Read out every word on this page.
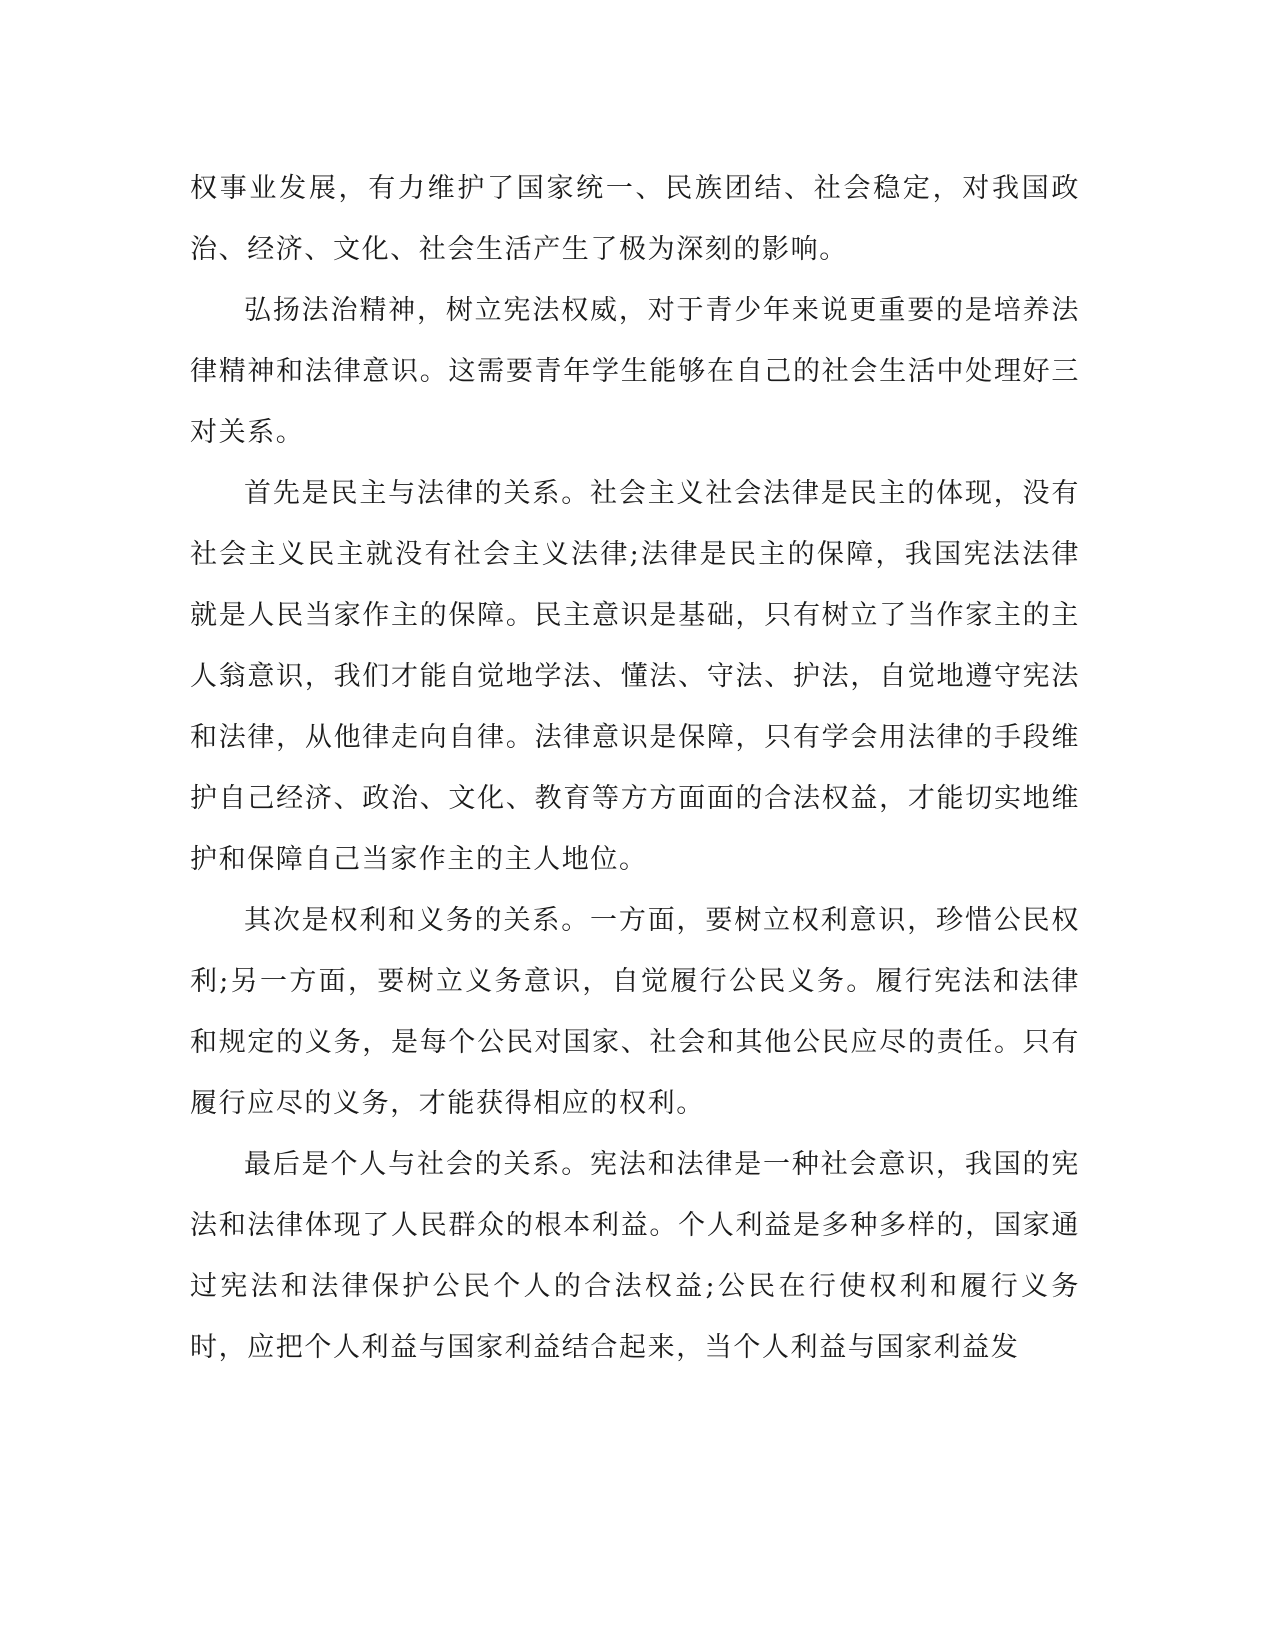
权事业发展，有力维护了国家统一、民族团结、社会稳定，对我国政治、经济、文化、社会生活产生了极为深刻的影响。

弘扬法治精神，树立宪法权威，对于青少年来说更重要的是培养法律精神和法律意识。这需要青年学生能够在自己的社会生活中处理好三对关系。

首先是民主与法律的关系。社会主义社会法律是民主的体现，没有社会主义民主就没有社会主义法律;法律是民主的保障，我国宪法法律就是人民当家作主的保障。民主意识是基础，只有树立了当作家主的主人翁意识，我们才能自觉地学法、懂法、守法、护法，自觉地遵守宪法和法律，从他律走向自律。法律意识是保障，只有学会用法律的手段维护自己经济、政治、文化、教育等方方面面的合法权益，才能切实地维护和保障自己当家作主的主人地位。

其次是权利和义务的关系。一方面，要树立权利意识，珍惜公民权利;另一方面，要树立义务意识，自觉履行公民义务。履行宪法和法律和规定的义务，是每个公民对国家、社会和其他公民应尽的责任。只有履行应尽的义务，才能获得相应的权利。

最后是个人与社会的关系。宪法和法律是一种社会意识，我国的宪法和法律体现了人民群众的根本利益。个人利益是多种多样的，国家通过宪法和法律保护公民个人的合法权益;公民在行使权利和履行义务时，应把个人利益与国家利益结合起来，当个人利益与国家利益发
